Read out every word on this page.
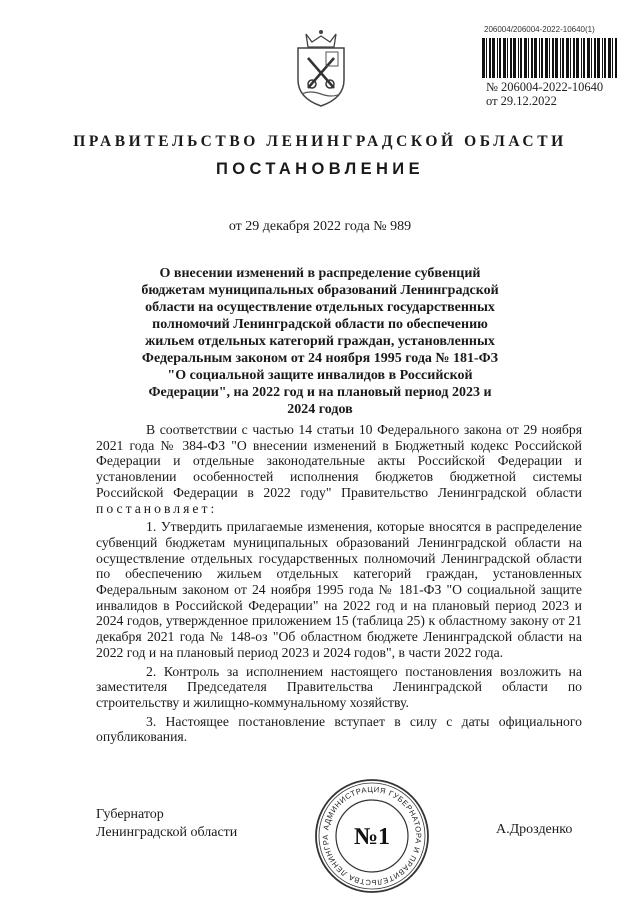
206004/206004-2022-10640(1)
№ 206004-2022-10640
от 29.12.2022
ПРАВИТЕЛЬСТВО ЛЕНИНГРАДСКОЙ ОБЛАСТИ
ПОСТАНОВЛЕНИЕ
от 29 декабря 2022 года № 989
О внесении изменений в распределение субвенций бюджетам муниципальных образований Ленинградской области на осуществление отдельных государственных полномочий Ленинградской области по обеспечению жильем отдельных категорий граждан, установленных Федеральным законом от 24 ноября 1995 года № 181-ФЗ "О социальной защите инвалидов в Российской Федерации", на 2022 год и на плановый период 2023 и 2024 годов

В соответствии с частью 14 статьи 10 Федерального закона от 29 ноября 2021 года № 384-ФЗ "О внесении изменений в Бюджетный кодекс Российской Федерации и отдельные законодательные акты Российской Федерации и установлении особенностей исполнения бюджетов бюджетной системы Российской Федерации в 2022 году" Правительство Ленинградской области постановляет:

1. Утвердить прилагаемые изменения, которые вносятся в распределение субвенций бюджетам муниципальных образований Ленинградской области на осуществление отдельных государственных полномочий Ленинградской области по обеспечению жильем отдельных категорий граждан, установленных Федеральным законом от 24 ноября 1995 года № 181-ФЗ "О социальной защите инвалидов в Российской Федерации" на 2022 год и на плановый период 2023 и 2024 годов, утвержденное приложением 15 (таблица 25) к областному закону от 21 декабря 2021 года № 148-оз "Об областном бюджете Ленинградской области на 2022 год и на плановый период 2023 и 2024 годов", в части 2022 года.

2. Контроль за исполнением настоящего постановления возложить на заместителя Председателя Правительства Ленинградской области по строительству и жилищно-коммунальному хозяйству.

3. Настоящее постановление вступает в силу с даты официального опубликования.

Губернатор
Ленинградской области	А.Дрозденко
АДМИНИСТРАЦИЯ ГУБЕРНАТОРА И ПРАВИТЕЛЬСТВА ЛЕНИНГРА №1
